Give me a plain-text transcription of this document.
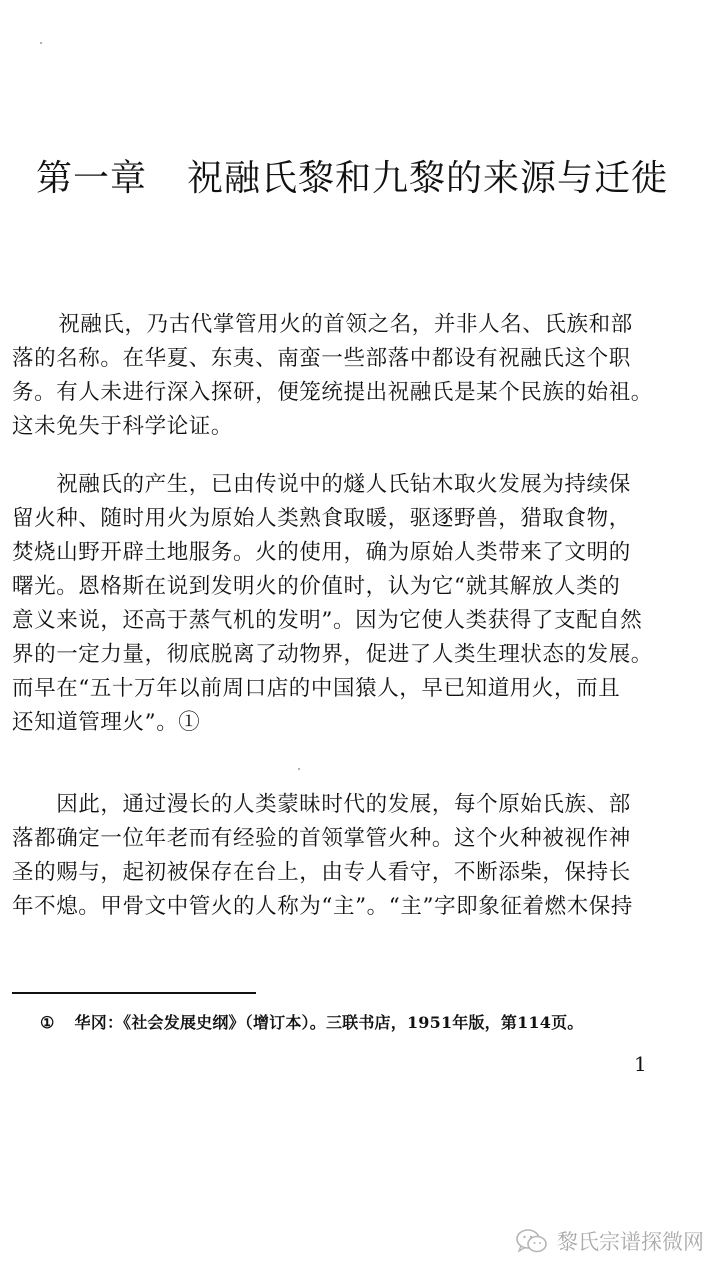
第一章 祝融氏黎和九黎的来源与迁徙
　　祝融氏，乃古代掌管用火的首领之名，并非人名、氏族和部
落的名称。在华夏、东夷、南蛮一些部落中都设有祝融氏这个职
务。有人未进行深入探研，便笼统提出祝融氏是某个民族的始祖。
这未免失于科学论证。
　　祝融氏的产生，已由传说中的燧人氏钻木取火发展为持续保
留火种、随时用火为原始人类熟食取暖，驱逐野兽，猎取食物，
焚烧山野开辟土地服务。火的使用，确为原始人类带来了文明的
曙光。恩格斯在说到发明火的价值时，认为它“就其解放人类的
意义来说，还高于蒸气机的发明”。因为它使人类获得了支配自然
界的一定力量，彻底脱离了动物界，促进了人类生理状态的发展。
而早在“五十万年以前周口店的中国猿人，早已知道用火，而且
还知道管理火”。①
　　因此，通过漫长的人类蒙昧时代的发展，每个原始氏族、部
落都确定一位年老而有经验的首领掌管火种。这个火种被视作神
圣的赐与，起初被保存在台上，由专人看守，不断添柴，保持长
年不熄。甲骨文中管火的人称为“主”。“主”字即象征着燃木保持
① 华冈：《社会发展史纲》（增订本）。三联书店，1951年版，第114页。
1
黎氏宗谱探微网
